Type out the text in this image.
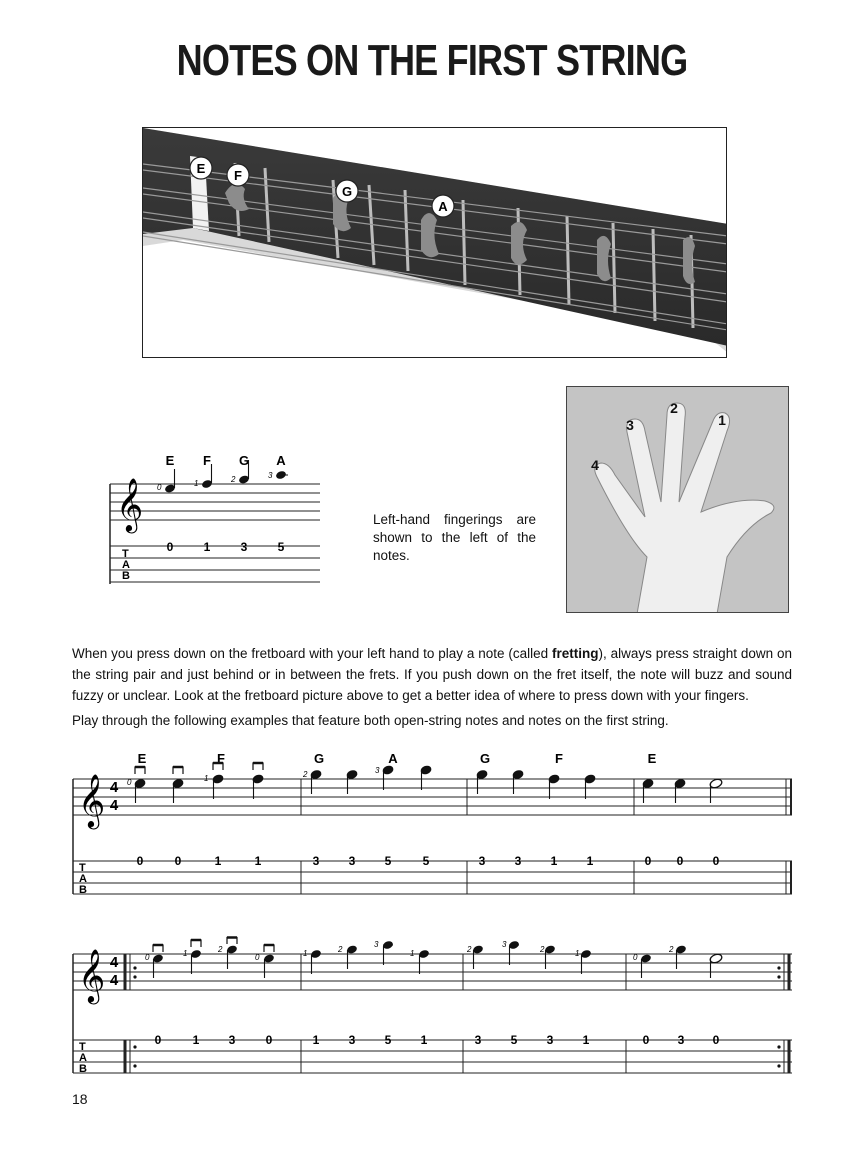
NOTES ON THE FIRST STRING
E F
G
A
E F G A
𝄞 0	1	2	3
0	1	3	5
T
A
B
Left-hand fingerings are shown to the left of the notes.
1
2
3
4

When you press down on the fretboard with your left hand to play a note (called fretting), always press straight down on the string pair and just behind or in between the frets. If you push down on the fret itself, the note will buzz and sound fuzzy or unclear. Look at the fretboard picture above to get a better idea of where to press down with your fingers.

Play through the following examples that feature both open-string notes and notes on the first string.

E	F	G	A	G	F	E
𝄞 4
4
0	1	2	3
0	0	1	1	3 3 5	5	3 3 1 1	0 0 0
T
A
B
𝄞 4
4
0	1	2
0	1	2
3
1	2
3
2	1	0
2
0	1 3	0	1 3 5 1	3 5 3 1	0 3 0
T
A
B
18
